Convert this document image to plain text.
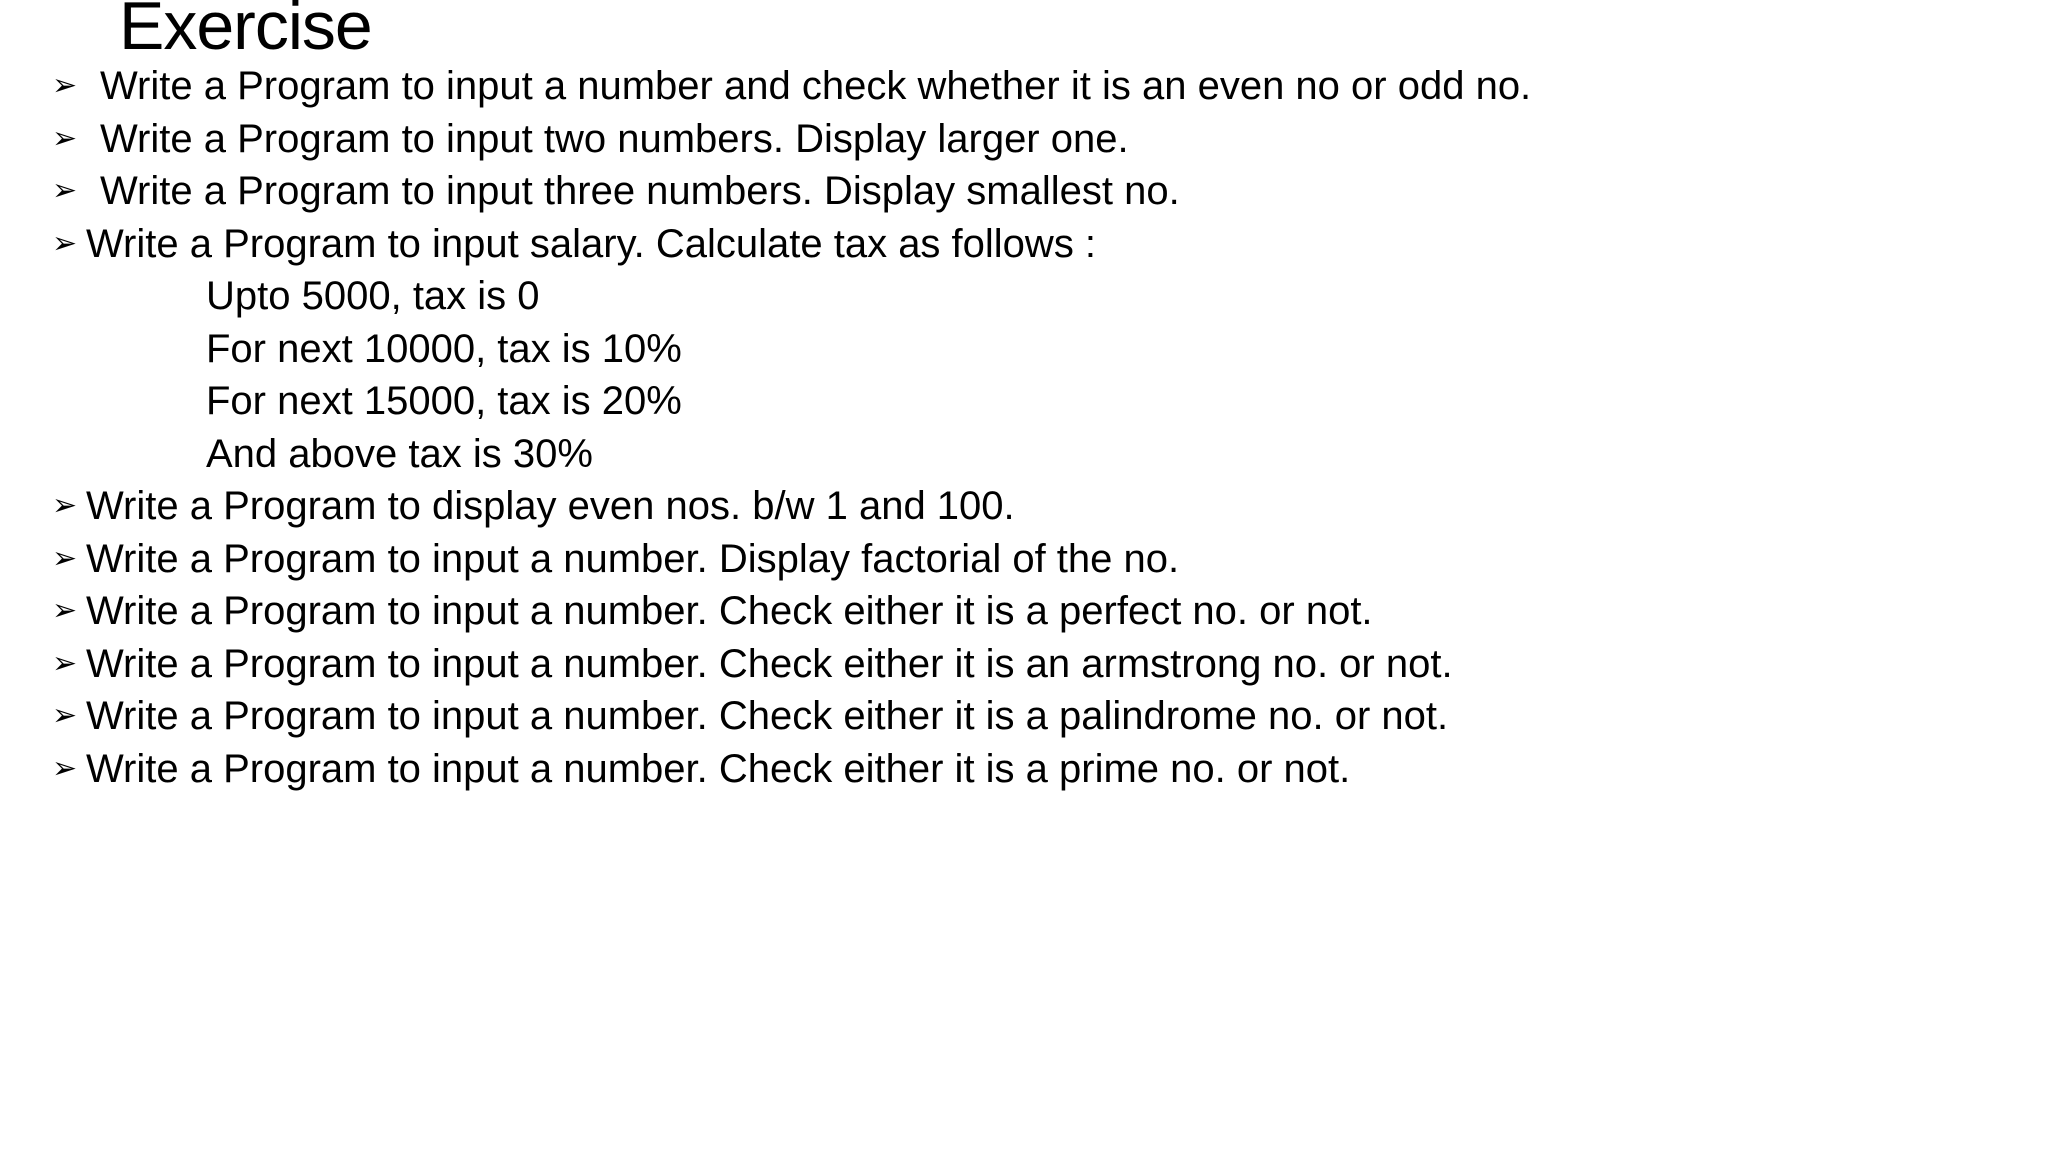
Exercise
➢ Write a Program to input a number and check whether it is an even no or odd no.
➢ Write a Program to input two numbers. Display larger one.
➢ Write a Program to input three numbers. Display smallest no.
➢ Write a Program to input salary. Calculate tax as follows :
Upto 5000, tax is 0
For next 10000, tax is 10%
For next 15000, tax is 20%
And above tax is 30%
➢ Write a Program to display even nos. b/w 1 and 100.
➢ Write a Program to input a number. Display factorial of the no.
➢ Write a Program to input a number. Check either it is a perfect no. or not.
➢ Write a Program to input a number. Check either it is an armstrong no. or not.
➢ Write a Program to input a number. Check either it is a palindrome no. or not.
➢ Write a Program to input a number. Check either it is a prime no. or not.
